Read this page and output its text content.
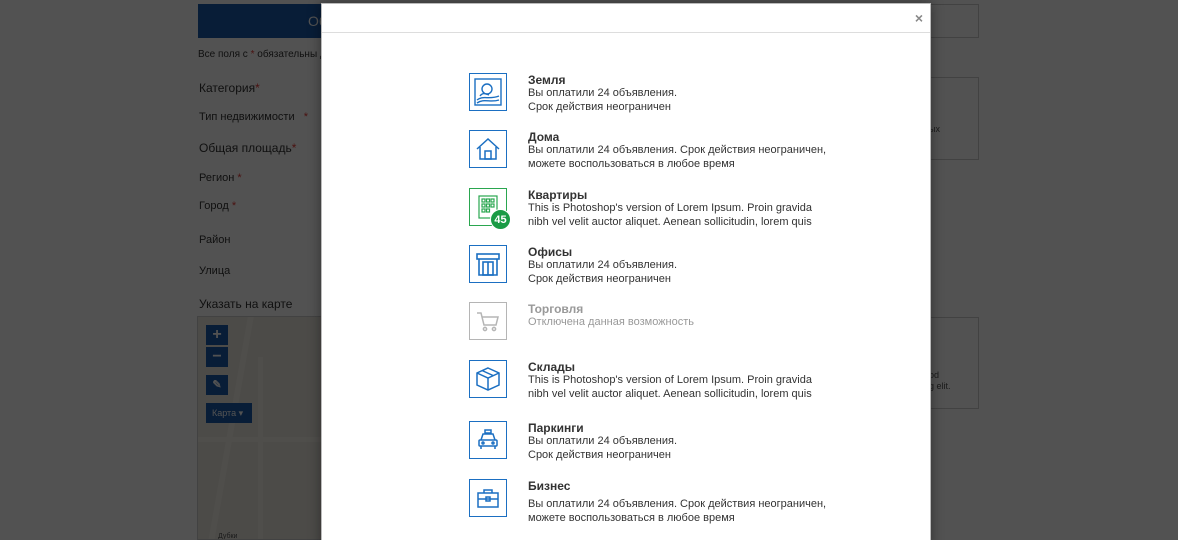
×
Земля
Вы оплатили 24 объявления.
Срок действия неограничен
Дома
Вы оплатили 24 объявления. Срок действия неограничен,
можете воспользоваться в любое время
45
Квартиры
This is Photoshop's version of Lorem Ipsum. Proin gravida
nibh vel velit auctor aliquet. Aenean sollicitudin, lorem quis
Офисы
Вы оплатили 24 объявления.
Срок действия неограничен
Торговля
Отключена данная возможность
Склады
This is Photoshop's version of Lorem Ipsum. Proin gravida
nibh vel velit auctor aliquet. Aenean sollicitudin, lorem quis
Паркинги
Вы оплатили 24 объявления.
Срок действия неограничен
Бизнес
Вы оплатили 24 объявления. Срок действия неограничен,
можете воспользоваться в любое время
